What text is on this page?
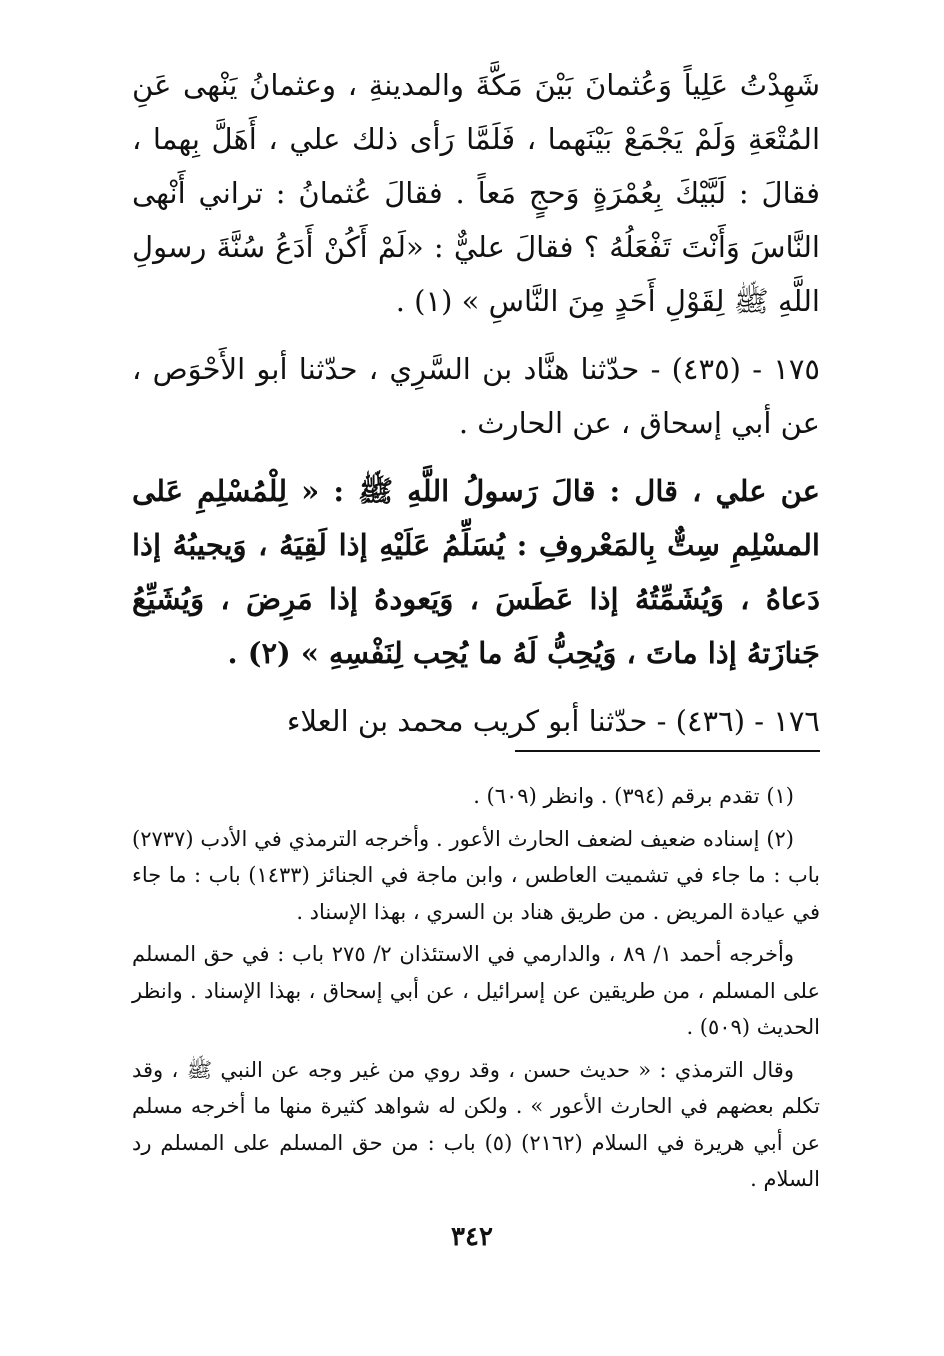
شَهِدْتُ عَلِياً وَعُثمانَ بَيْنَ مَكَّةَ والمدينةِ ، وعثمانُ يَنْهى عَنِ المُتْعَةِ وَلَمْ يَجْمَعْ بَيْنَهما ، فَلَمَّا رَأى ذلك علي ، أَهَلَّ بِهما ، فقالَ : لَبَّيْكَ بِعُمْرَةٍ وَحجٍ مَعاً . فقالَ عُثمانُ : تراني أَنْهى النَّاسَ وَأَنْتَ تَفْعَلُهُ ؟ فقالَ عليٌّ : «لَمْ أَكُنْ أَدَعُ سُنَّةَ رسولِ اللَّهِ ﷺ لِقَوْلِ أَحَدٍ مِنَ النَّاسِ » (١) .

١٧٥ - (٤٣٥) - حدّثنا هنَّاد بن السَّرِي ، حدّثنا أبو الأَحْوَص ، عن أبي إسحاق ، عن الحارث .

عن علي ، قال : قالَ رَسولُ اللَّهِ ﷺ : « لِلْمُسْلِمِ عَلى المسْلِمِ سِتٌّ بِالمَعْروفِ : يُسَلِّمُ عَلَيْهِ إذا لَقِيَهُ ، وَيجيبُهُ إذا دَعاهُ ، وَيُشَمِّتُهُ إذا عَطَسَ ، وَيَعودهُ إذا مَرِضَ ، وَيُشَيِّعُ جَنازَتهُ إذا ماتَ ، وَيُحِبُّ لَهُ ما يُحِب لِنَفْسِهِ » (٢) .

١٧٦ - (٤٣٦) - حدّثنا أبو كريب محمد بن العلاء

(١) تقدم برقم (٣٩٤) . وانظر (٦٠٩) .

(٢) إسناده ضعيف لضعف الحارث الأعور . وأخرجه الترمذي في الأدب (٢٧٣٧) باب : ما جاء في تشميت العاطس ، وابن ماجة في الجنائز (١٤٣٣) باب : ما جاء في عيادة المريض . من طريق هناد بن السري ، بهذا الإسناد .

وأخرجه أحمد ١/ ٨٩ ، والدارمي في الاستئذان ٢/ ٢٧٥ باب : في حق المسلم على المسلم ، من طريقين عن إسرائيل ، عن أبي إسحاق ، بهذا الإسناد . وانظر الحديث (٥٠٩) .

وقال الترمذي : « حديث حسن ، وقد روي من غير وجه عن النبي ﷺ ، وقد تكلم بعضهم في الحارث الأعور » . ولكن له شواهد كثيرة منها ما أخرجه مسلم عن أبي هريرة في السلام (٢١٦٢) (٥) باب : من حق المسلم على المسلم رد السلام .

٣٤٢
